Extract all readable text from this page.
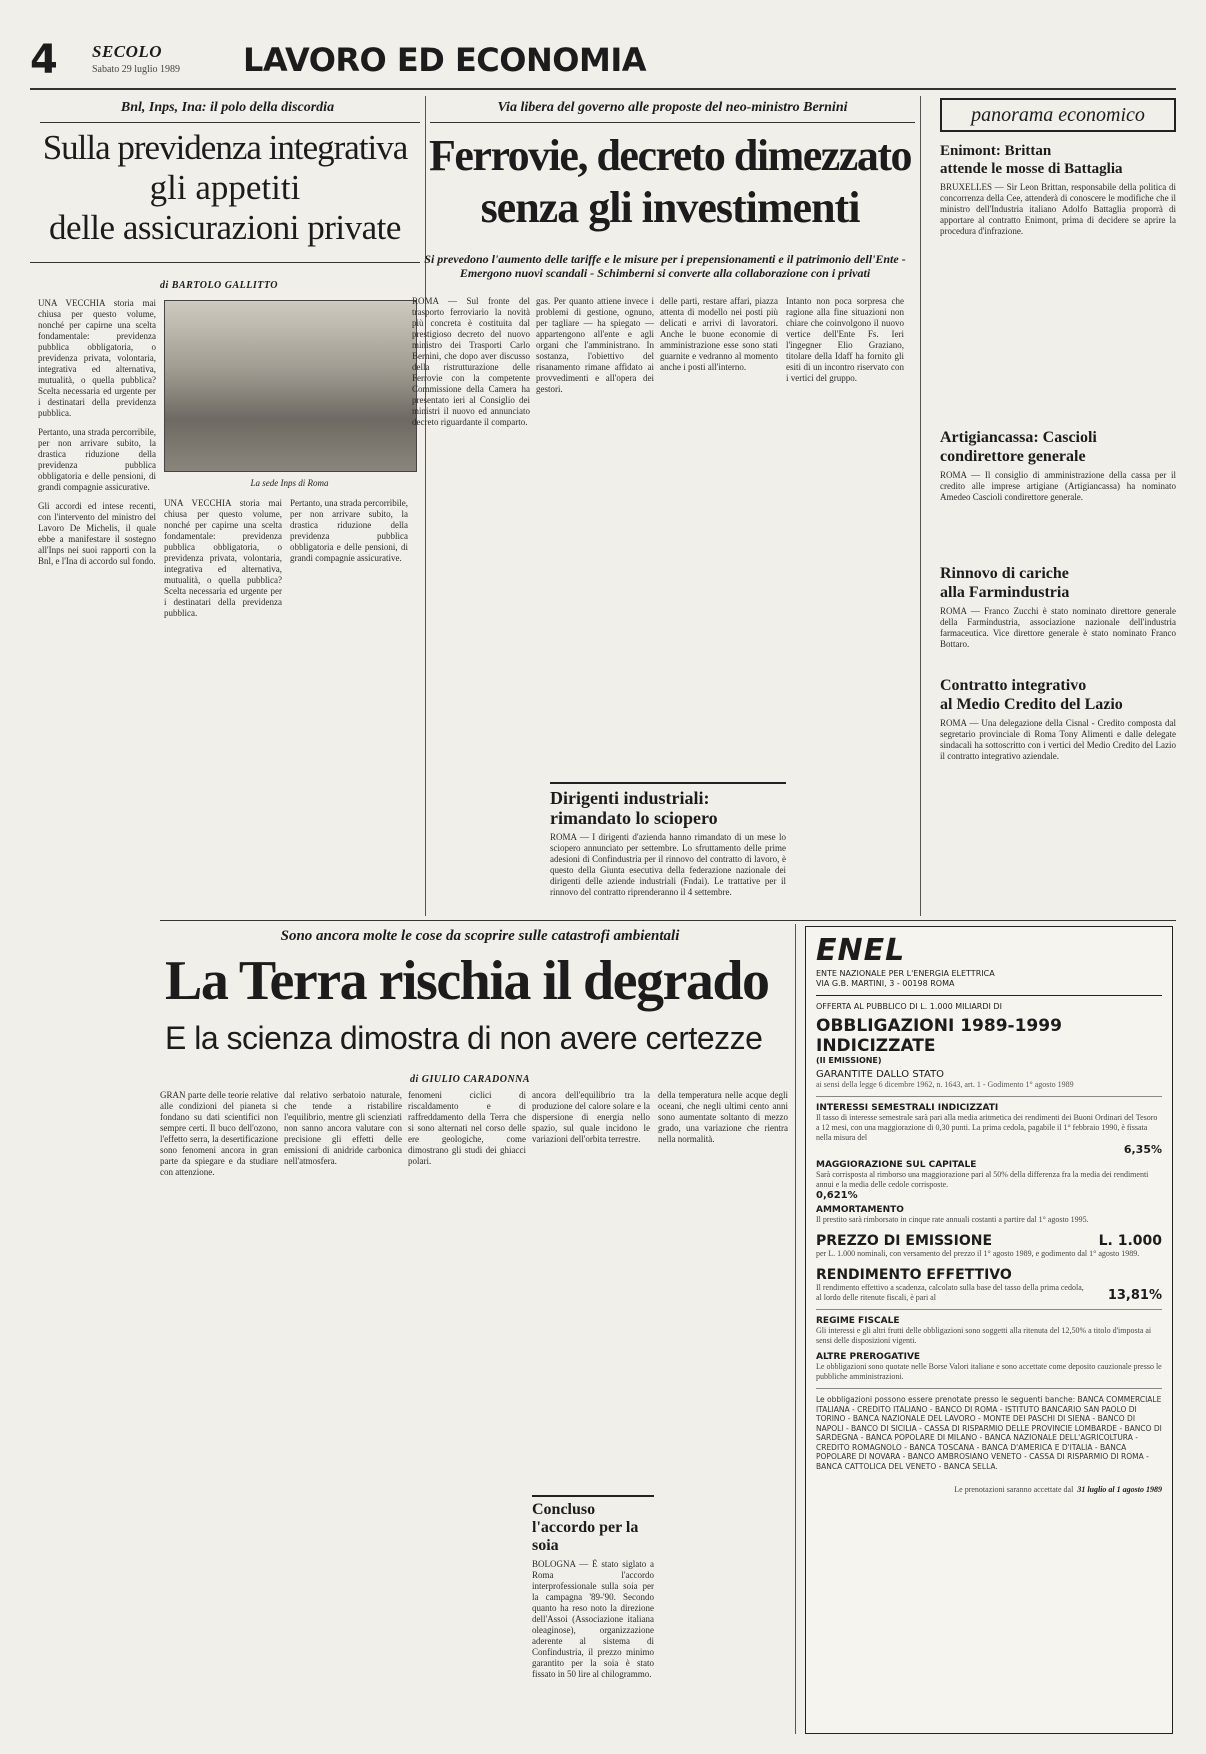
4 SECOLO
Sabato 29 luglio 1989 LAVORO ED ECONOMIA
Bnl, Inps, Ina: il polo della discordia
Sulla previdenza integrativa
gli appetiti
delle assicurazioni private
di BARTOLO GALLITTO
La sede Inps di Roma

UNA VECCHIA storia mai chiusa per questo volume, nonché per capirne una scelta fondamentale: previdenza pubblica obbligatoria, o previdenza privata, volontaria, integrativa ed alternativa, mutualità, o quella pubblica? Scelta necessaria ed urgente per i destinatari della previdenza pubblica.

Pertanto, una strada percorribile, per non arrivare subito, la drastica riduzione della previdenza pubblica obbligatoria e delle pensioni, di grandi compagnie assicurative.

Gli accordi ed intese recenti, con l'intervento del ministro del Lavoro De Michelis, il quale ebbe a manifestare il sostegno all'Inps nei suoi rapporti con la Bnl, e l'Ina di accordo sul fondo.

Via libera del governo alle proposte del neo-ministro Bernini
Ferrovie, decreto dimezzato
senza gli investimenti
Si prevedono l'aumento delle tariffe e le misure per i prepensionamenti e il patrimonio dell'Ente - Emergono nuovi scandali - Schimberni si converte alla collaborazione con i privati
ROMA — Sul fronte del trasporto ferroviario la novità più concreta è costituita dal prestigioso decreto del nuovo ministro dei Trasporti Carlo Bernini, che dopo aver discusso della ristrutturazione delle Ferrovie con la competente Commissione della Camera ha presentato ieri al Consiglio dei ministri il nuovo ed annunciato decreto riguardante il comparto.
gas. Per quanto attiene invece i problemi di gestione, ognuno, per tagliare — ha spiegato — appartengono all'ente e agli organi che l'amministrano. In sostanza, l'obiettivo del risanamento rimane affidato ai provvedimenti e all'opera dei gestori.
delle parti, restare affari, piazza attenta di modello nei posti più delicati e arrivi di lavoratori. Anche le buone economie di amministrazione esse sono stati guarnite e vedranno al momento anche i posti all'interno.
Intanto non poca sorpresa che ragione alla fine situazioni non chiare che coinvolgono il nuovo vertice dell'Ente Fs. Ieri l'ingegner Elio Graziano, titolare della Idaff ha fornito gli esiti di un incontro riservato con i vertici del gruppo.
UNA VECCHIA storia mai chiusa per questo volume, nonché per capirne una scelta fondamentale: previdenza pubblica obbligatoria, o previdenza privata, volontaria, integrativa ed alternativa, mutualità, o quella pubblica? Scelta necessaria ed urgente per i destinatari della previdenza pubblica.
Pertanto, una strada percorribile, per non arrivare subito, la drastica riduzione della previdenza pubblica obbligatoria e delle pensioni, di grandi compagnie assicurative.
Dirigenti industriali:
rimandato lo sciopero
ROMA — I dirigenti d'azienda hanno rimandato di un mese lo sciopero annunciato per settembre. Lo sfruttamento delle prime adesioni di Confindustria per il rinnovo del contratto di lavoro, è questo della Giunta esecutiva della federazione nazionale dei dirigenti delle aziende industriali (Fndai). Le trattative per il rinnovo del contratto riprenderanno il 4 settembre.
panorama economico
Enimont: Brittan
attende le mosse di Battaglia
BRUXELLES — Sir Leon Brittan, responsabile della politica di concorrenza della Cee, attenderà di conoscere le modifiche che il ministro dell'Industria italiano Adolfo Battaglia proporrà di apportare al contratto Enimont, prima di decidere se aprire la procedura d'infrazione.
Artigiancassa: Cascioli
condirettore generale
ROMA — Il consiglio di amministrazione della cassa per il credito alle imprese artigiane (Artigiancassa) ha nominato Amedeo Cascioli condirettore generale.
Rinnovo di cariche
alla Farmindustria
ROMA — Franco Zucchi è stato nominato direttore generale della Farmindustria, associazione nazionale dell'industria farmaceutica. Vice direttore generale è stato nominato Franco Bottaro.
Contratto integrativo
al Medio Credito del Lazio
ROMA — Una delegazione della Cisnal - Credito composta dal segretario provinciale di Roma Tony Alimenti e dalle delegate sindacali ha sottoscritto con i vertici del Medio Credito del Lazio il contratto integrativo aziendale.
Sono ancora molte le cose da scoprire sulle catastrofi ambientali
La Terra rischia il degrado
E la scienza dimostra di non avere certezze
di GIULIO CARADONNA
GRAN parte delle teorie relative alle condizioni del pianeta si fondano su dati scientifici non sempre certi. Il buco dell'ozono, l'effetto serra, la desertificazione sono fenomeni ancora in gran parte da spiegare e da studiare con attenzione.
dal relativo serbatoio naturale, che tende a ristabilire l'equilibrio, mentre gli scienziati non sanno ancora valutare con precisione gli effetti delle emissioni di anidride carbonica nell'atmosfera.
fenomeni ciclici di riscaldamento e di raffreddamento della Terra che si sono alternati nel corso delle ere geologiche, come dimostrano gli studi dei ghiacci polari.
ancora dell'equilibrio tra la produzione del calore solare e la dispersione di energia nello spazio, sul quale incidono le variazioni dell'orbita terrestre.
della temperatura nelle acque degli oceani, che negli ultimi cento anni sono aumentate soltanto di mezzo grado, una variazione che rientra nella normalità.
Concluso l'accordo per la soia
BOLOGNA — È stato siglato a Roma l'accordo interprofessionale sulla soia per la campagna '89-'90. Secondo quanto ha reso noto la direzione dell'Assoi (Associazione italiana oleaginose), organizzazione aderente al sistema di Confindustria, il prezzo minimo garantito per la soia è stato fissato in 50 lire al chilogrammo.
ENEL
ENTE NAZIONALE PER L'ENERGIA ELETTRICA
VIA G.B. MARTINI, 3 - 00198 ROMA
OFFERTA AL PUBBLICO DI L. 1.000 MILIARDI DI
OBBLIGAZIONI 1989-1999 INDICIZZATE
(II EMISSIONE)
GARANTITE DALLO STATO
ai sensi della legge 6 dicembre 1962, n. 1643, art. 1 - Godimento 1° agosto 1989
INTERESSI SEMESTRALI INDICIZZATI
Il tasso di interesse semestrale sarà pari alla media aritmetica dei rendimenti dei Buoni Ordinari del Tesoro a 12 mesi, con una maggiorazione di 0,30 punti. La prima cedola, pagabile il 1° febbraio 1990, è fissata nella misura del
6,35%
MAGGIORAZIONE SUL CAPITALE
Sarà corrisposta al rimborso una maggiorazione pari al 50% della differenza fra la media dei rendimenti annui e la media delle cedole corrisposte.
0,621%
AMMORTAMENTO
Il prestito sarà rimborsato in cinque rate annuali costanti a partire dal 1° agosto 1995.
PREZZO DI EMISSIONE	L. 1.000
per L. 1.000 nominali, con versamento del prezzo il 1° agosto 1989, e godimento dal 1° agosto 1989.
RENDIMENTO EFFETTIVO
Il rendimento effettivo a scadenza, calcolato sulla base del tasso della prima cedola, al lordo delle ritenute fiscali, è pari al	13,81%
REGIME FISCALE
Gli interessi e gli altri frutti delle obbligazioni sono soggetti alla ritenuta del 12,50% a titolo d'imposta ai sensi delle disposizioni vigenti.
ALTRE PREROGATIVE
Le obbligazioni sono quotate nelle Borse Valori italiane e sono accettate come deposito cauzionale presso le pubbliche amministrazioni.
Le obbligazioni possono essere prenotate presso le seguenti banche: BANCA COMMERCIALE ITALIANA - CREDITO ITALIANO - BANCO DI ROMA - ISTITUTO BANCARIO SAN PAOLO DI TORINO - BANCA NAZIONALE DEL LAVORO - MONTE DEI PASCHI DI SIENA - BANCO DI NAPOLI - BANCO DI SICILIA - CASSA DI RISPARMIO DELLE PROVINCIE LOMBARDE - BANCO DI SARDEGNA - BANCA POPOLARE DI MILANO - BANCA NAZIONALE DELL'AGRICOLTURA - CREDITO ROMAGNOLO - BANCA TOSCANA - BANCA D'AMERICA E D'ITALIA - BANCA POPOLARE DI NOVARA - BANCO AMBROSIANO VENETO - CASSA DI RISPARMIO DI ROMA - BANCA CATTOLICA DEL VENETO - BANCA SELLA.
Le prenotazioni saranno accettate dal 31 luglio al 1 agosto 1989
